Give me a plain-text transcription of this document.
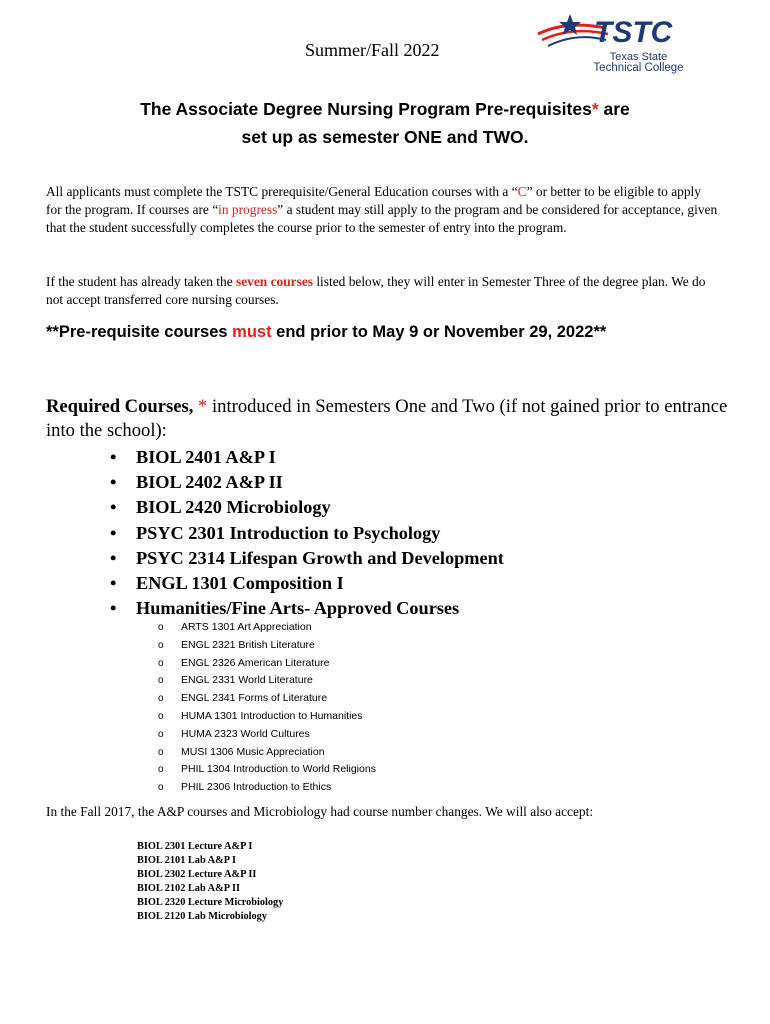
Summer/Fall 2022
TSTC
Texas State
Technical College
The Associate Degree Nursing Program Pre-requisites* are
set up as semester ONE and TWO.
All applicants must complete the TSTC prerequisite/General Education courses with a “C” or better to be eligible to apply for the program. If courses are “in progress” a student may still apply to the program and be considered for acceptance, given that the student successfully completes the course prior to the semester of entry into the program.
If the student has already taken the seven courses listed below, they will enter in Semester Three of the degree plan. We do not accept transferred core nursing courses.
**Pre-requisite courses must end prior to May 9 or November 29, 2022**
Required Courses, * introduced in Semesters One and Two (if not gained prior to entrance into the school):
• BIOL 2401 A&P I
• BIOL 2402 A&P II
• BIOL 2420 Microbiology
• PSYC 2301 Introduction to Psychology
• PSYC 2314 Lifespan Growth and Development
• ENGL 1301 Composition I
• Humanities/Fine Arts- Approved Courses
o ARTS 1301 Art Appreciation
o ENGL 2321 British Literature
o ENGL 2326 American Literature
o ENGL 2331 World Literature
o ENGL 2341 Forms of Literature
o HUMA 1301 Introduction to Humanities
o HUMA 2323 World Cultures
o MUSI 1306 Music Appreciation
o PHIL 1304 Introduction to World Religions
o PHIL 2306 Introduction to Ethics
In the Fall 2017, the A&P courses and Microbiology had course number changes. We will also accept:
BIOL 2301 Lecture A&P I
BIOL 2101 Lab A&P I
BIOL 2302 Lecture A&P II
BIOL 2102 Lab A&P II
BIOL 2320 Lecture Microbiology
BIOL 2120 Lab Microbiology
